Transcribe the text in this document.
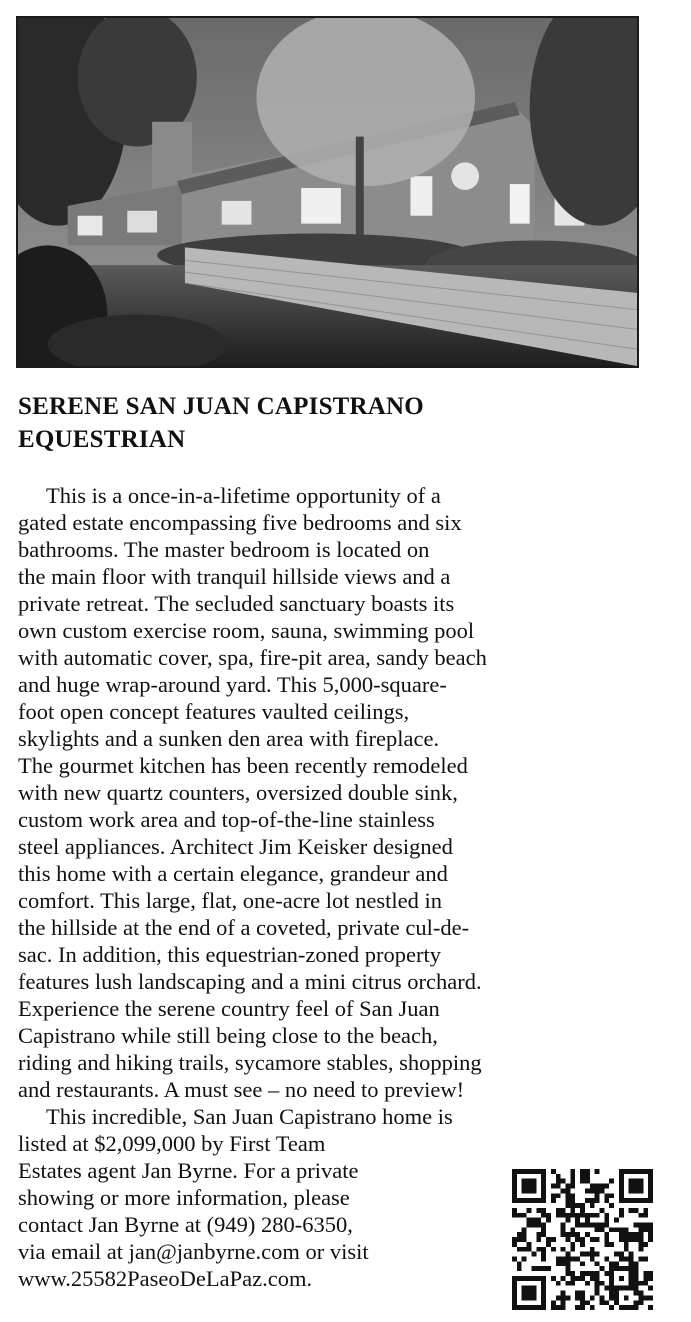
SERENE SAN JUAN CAPISTRANO
EQUESTRIAN
This is a once-in-a-lifetime opportunity of a
gated estate encompassing five bedrooms and six
bathrooms. The master bedroom is located on
the main floor with tranquil hillside views and a
private retreat. The secluded sanctuary boasts its
own custom exercise room, sauna, swimming pool
with automatic cover, spa, fire-pit area, sandy beach
and huge wrap-around yard. This 5,000-square-
foot open concept features vaulted ceilings,
skylights and a sunken den area with fireplace.
The gourmet kitchen has been recently remodeled
with new quartz counters, oversized double sink,
custom work area and top-of-the-line stainless
steel appliances. Architect Jim Keisker designed
this home with a certain elegance, grandeur and
comfort. This large, flat, one-acre lot nestled in
the hillside at the end of a coveted, private cul-de-
sac. In addition, this equestrian-zoned property
features lush landscaping and a mini citrus orchard.
Experience the serene country feel of San Juan
Capistrano while still being close to the beach,
riding and hiking trails, sycamore stables, shopping
and restaurants. A must see – no need to preview!
This incredible, San Juan Capistrano home is
listed at $2,099,000 by First Team
Estates agent Jan Byrne. For a private
showing or more information, please
contact Jan Byrne at (949) 280-6350,
via email at jan@janbyrne.com or visit
www.25582PaseoDeLaPaz.com.
